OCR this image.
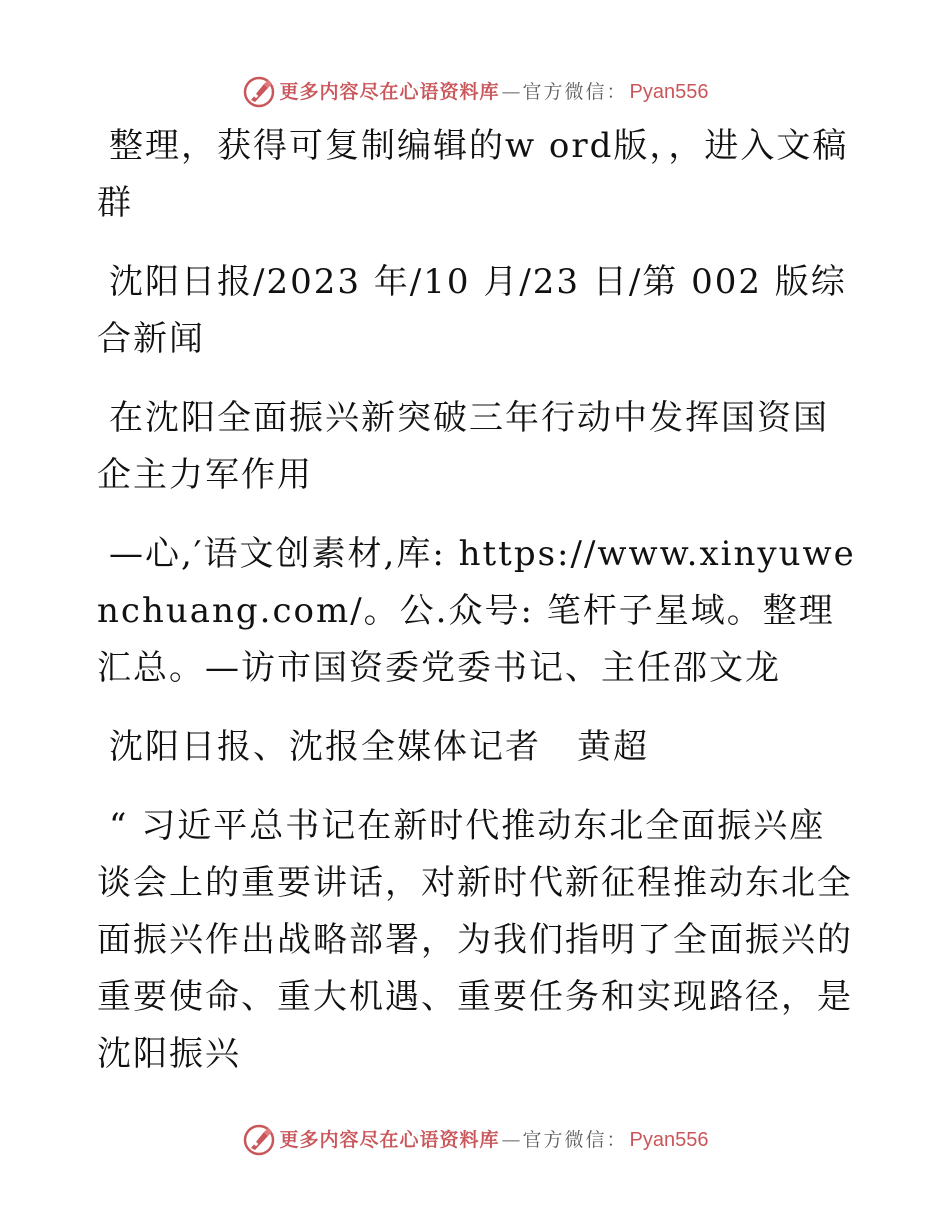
更多内容尽在心语资料库 — 官方微信： Pyan556

整理，获得可复制编辑的w ord版，，进入文稿群

沈阳日报/2023 年/10 月/23 日/第 002 版综合新闻

在沈阳全面振兴新突破三年行动中发挥国资国企主力军作用

—心,′语文创素材,库: https://www.xinyuwenchuang.com/。公.众号: 笔杆子星域。整理汇总。—访市国资委党委书记、主任邵文龙

沈阳日报、沈报全媒体记者　黄超

“ 习近平总书记在新时代推动东北全面振兴座谈会上的重要讲话，对新时代新征程推动东北全面振兴作出战略部署，为我们指明了全面振兴的重要使命、重大机遇、重要任务和实现路径，是沈阳振兴

更多内容尽在心语资料库 — 官方微信： Pyan556
